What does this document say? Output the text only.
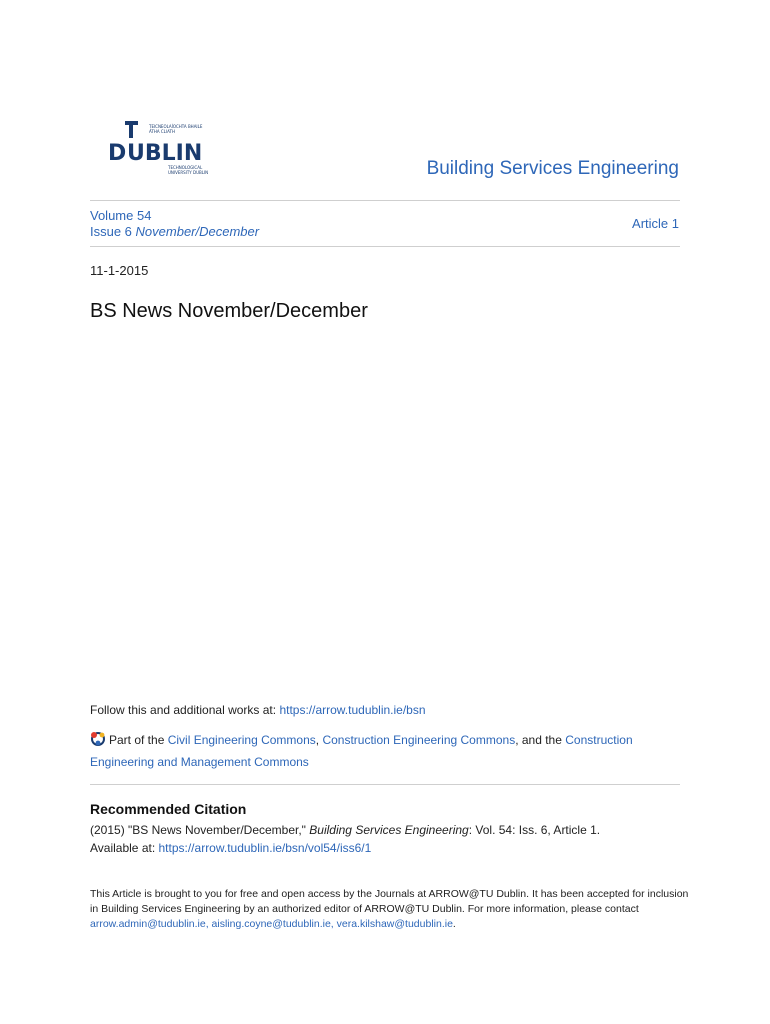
D UBLIN
TEICNEOLAÍOCHTA BHAILE ÁTHA CLIATH
TECHNOLOGICAL UNIVERSITY DUBLIN	Building Services Engineering
Volume 54
Issue 6 November/December
Article 1
11-1-2015
BS News November/December
Follow this and additional works at: https://arrow.tudublin.ie/bsn
Part of the Civil Engineering Commons, Construction Engineering Commons, and the Construction Engineering and Management Commons
Recommended Citation
(2015) "BS News November/December," Building Services Engineering: Vol. 54: Iss. 6, Article 1.
Available at: https://arrow.tudublin.ie/bsn/vol54/iss6/1
This Article is brought to you for free and open access by the Journals at ARROW@TU Dublin. It has been accepted for inclusion in Building Services Engineering by an authorized editor of ARROW@TU Dublin. For more information, please contact arrow.admin@tudublin.ie, aisling.coyne@tudublin.ie, vera.kilshaw@tudublin.ie.
